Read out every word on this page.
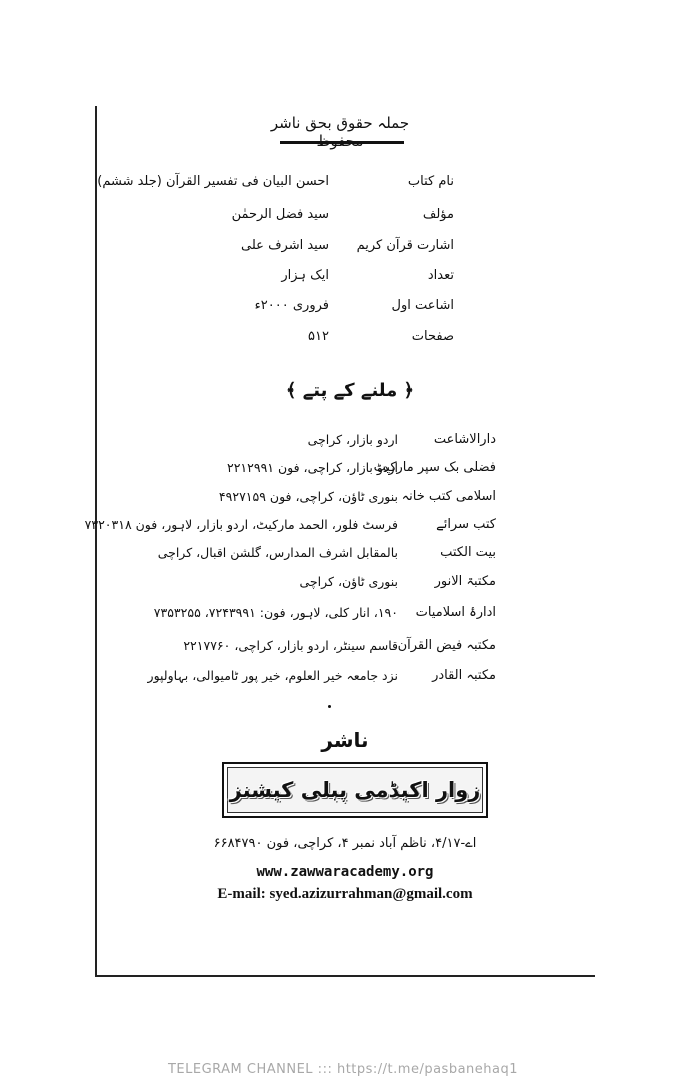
جملہ حقوق بحق ناشر
نام کتاب
احسن البیان فی تفسیر القرآن (جلد ششم)
مؤلف
سید فضل الرحمٰن
اشارت قرآن کریم
سید اشرف علی
تعداد
ایک ہزار
اشاعت اول
فروری ۲۰۰۰ء
صفحات
۵۱۲
﴿ ملنے کے پتے ﴾
دارالاشاعت
اردو بازار، کراچی
فضلی بک سپر مارکیٹ
اردو بازار، کراچی، فون ۲۲۱۲۹۹۱
اسلامی کتب خانہ
بنوری ٹاؤن، کراچی، فون ۴۹۲۷۱۵۹
کتب سرائے
فرسٹ فلور، الحمد مارکیٹ، اردو بازار، لاہور، فون ۷۳۲۰۳۱۸
بیت الکتب
بالمقابل اشرف المدارس، گلشن اقبال، کراچی
مکتبۃ الانور
بنوری ٹاؤن، کراچی
ادارۂ اسلامیات
۱۹۰، انار کلی، لاہور، فون: ۷۲۴۳۹۹۱، ۷۳۵۳۲۵۵
مکتبہ فیض القرآن
قاسم سینٹر، اردو بازار، کراچی، ۲۲۱۷۷۶۰
مکتبہ القادر
نزد جامعہ خیر العلوم، خیر پور ٹامیوالی، بہاولپور
ناشر
زوار اکیڈمی پبلی کیشنز
اے-۴/۱۷، ناظم آباد نمبر ۴، کراچی، فون ۶۶۸۴۷۹۰
www.zawwaracademy.org
E-mail: syed.azizurrahman@gmail.com
TELEGRAM CHANNEL ::: https://t.me/pasbanehaq1
